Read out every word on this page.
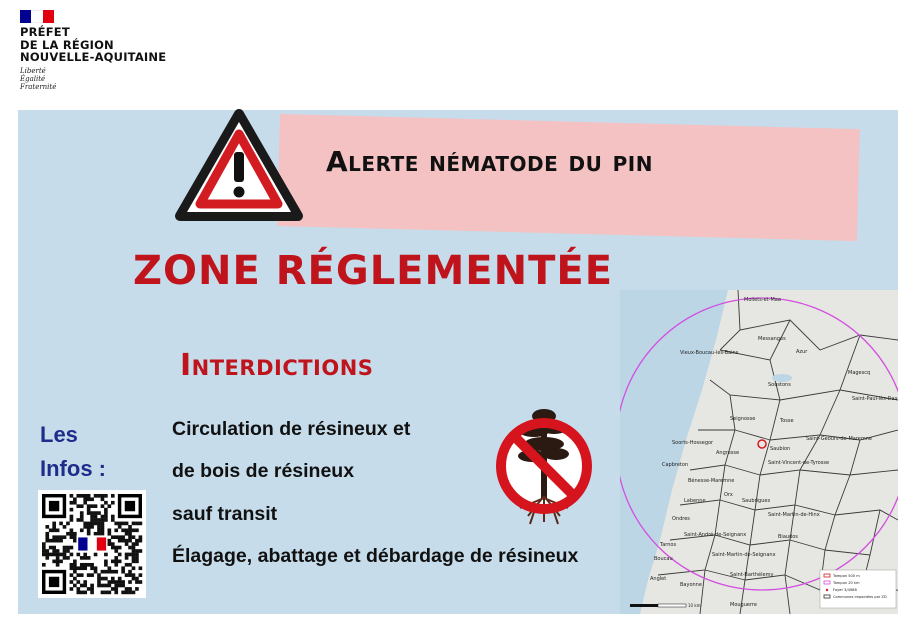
PRÉFET
DE LA RÉGION
NOUVELLE-AQUITAINE
Liberté
Égalité
Fraternité
Alerte nématode du pin
ZONE RÉGLEMENTÉE
Interdictions
Circulation de résineux et
de bois de résineux
sauf transit
Élagage, abattage et débardage de résineux
Les
Infos :
Moliets-et-Maa
Messanges
Vieux-Boucau-les-Bains	Azur
Soustons
Magescq
Seignosse	Tosse
Saint-Paul-lès-Dax
Soorts-Hossegor
Angresse
Saubion
Saint-Geours-de-Maremne
Capbreton
Bénesse-Maremne
Saint-Vincent-de-Tyrosse
Labenne
Orx
Saubrigues
Saint-Martin-de-Hinx
Ondres
Saint-André-de-Seignanx	Biaudos
Tarnos
Saint-Martin-de-Seignanx
Boucau
Saint-Barthélemy
Bayonne
Anglet
Mouguerre
Tampon 500 m
Tampon 20 km
Foyer 3/4988
Communes impactées par ZD
10 km
